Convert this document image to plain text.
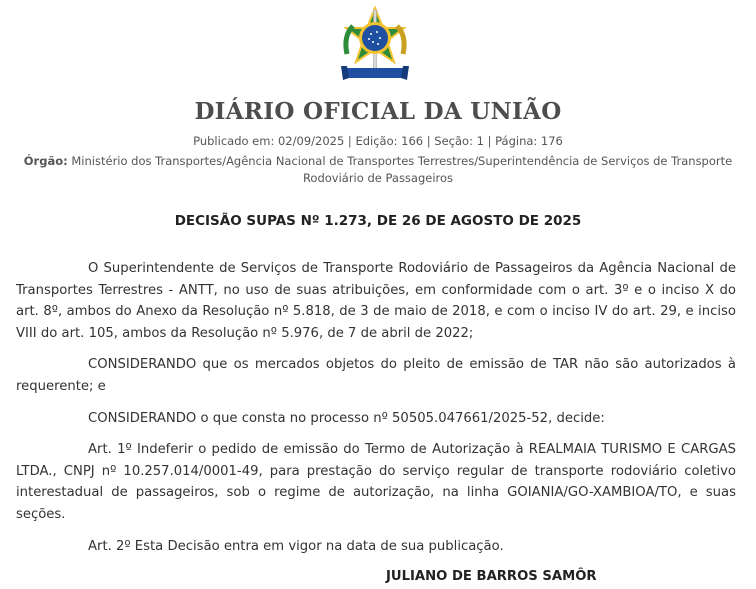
DIÁRIO OFICIAL DA UNIÃO
Publicado em: 02/09/2025 | Edição: 166 | Seção: 1 | Página: 176
Órgão: Ministério dos Transportes/Agência Nacional de Transportes Terrestres/Superintendência de Serviços de Transporte Rodoviário de Passageiros
DECISÃO SUPAS Nº 1.273, DE 26 DE AGOSTO DE 2025

O Superintendente de Serviços de Transporte Rodoviário de Passageiros da Agência Nacional de Transportes Terrestres - ANTT, no uso de suas atribuições, em conformidade com o art. 3º e o inciso X do art. 8º, ambos do Anexo da Resolução nº 5.818, de 3 de maio de 2018, e com o inciso IV do art. 29, e inciso VIII do art. 105, ambos da Resolução nº 5.976, de 7 de abril de 2022;

CONSIDERANDO que os mercados objetos do pleito de emissão de TAR não são autorizados à requerente; e

CONSIDERANDO o que consta no processo nº 50505.047661/2025-52, decide:

Art. 1º Indeferir o pedido de emissão do Termo de Autorização à REALMAIA TURISMO E CARGAS LTDA., CNPJ nº 10.257.014/0001-49, para prestação do serviço regular de transporte rodoviário coletivo interestadual de passageiros, sob o regime de autorização, na linha GOIANIA/GO-XAMBIOA/TO, e suas seções.

Art. 2º Esta Decisão entra em vigor na data de sua publicação.

JULIANO DE BARROS SAMÔR
